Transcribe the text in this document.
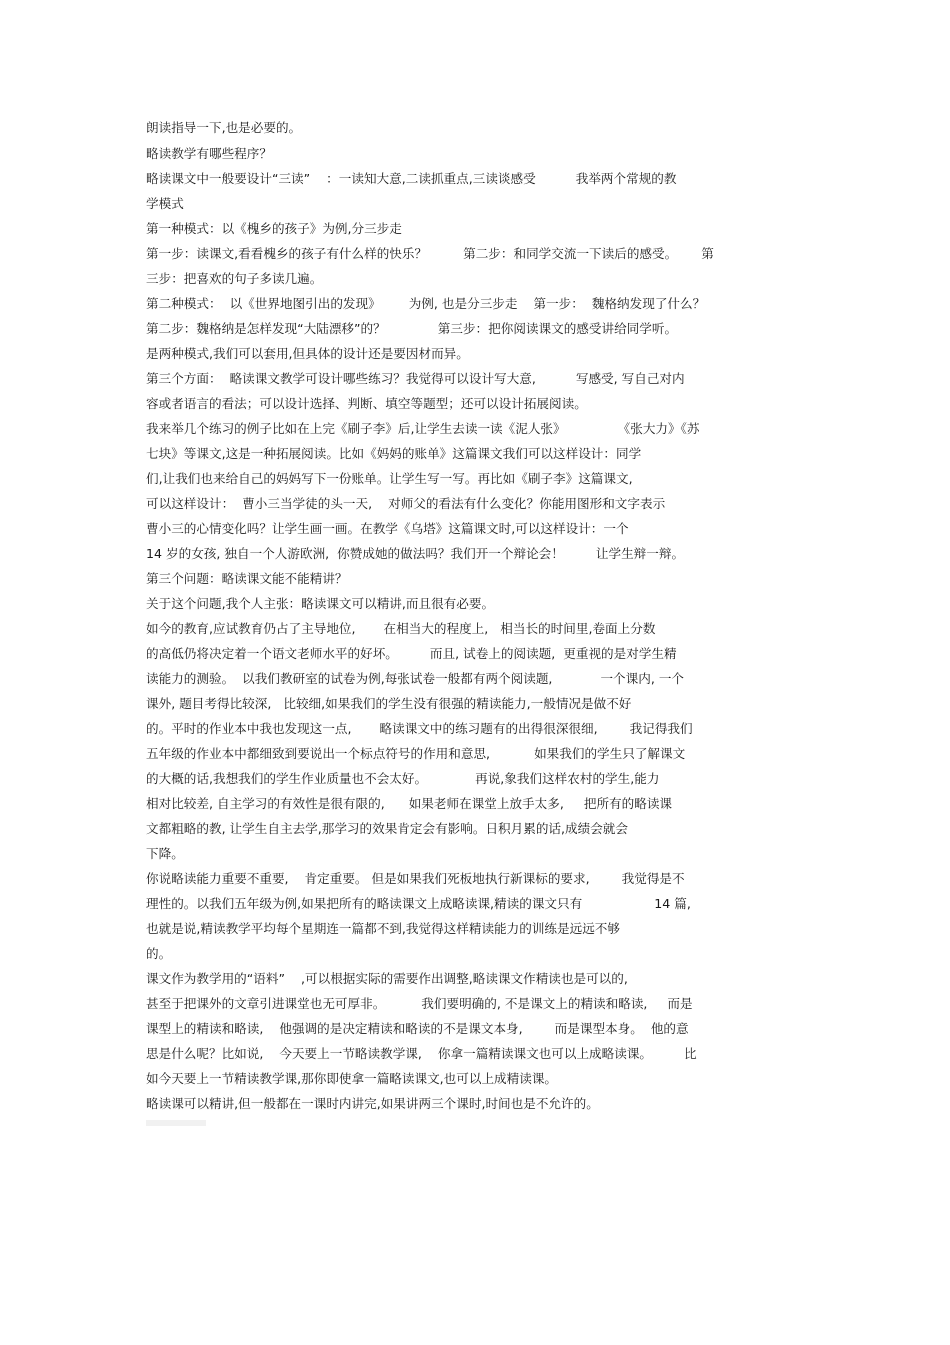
朗读指导一下,也是必要的。
略读教学有哪些程序？
略读课文中一般要设计“三读”    ：一读知大意,二读抓重点,三读谈感受          我举两个常规的教
学模式
第一种模式：以《槐乡的孩子》为例,分三步走
第一步：读课文,看看槐乡的孩子有什么样的快乐？         第二步：和同学交流一下读后的感受。      第
三步：把喜欢的句子多读几遍。
第二种模式：  以《世界地图引出的发现》       为例, 也是分三步走    第一步：  魏格纳发现了什么？
第二步：魏格纳是怎样发现“大陆漂移”的？             第三步：把你阅读课文的感受讲给同学听。
是两种模式,我们可以套用,但具体的设计还是要因材而异。
第三个方面：  略读课文教学可设计哪些练习？我觉得可以设计写大意,          写感受, 写自己对内
容或者语言的看法；可以设计选择、判断、填空等题型；还可以设计拓展阅读。
我来举几个练习的例子比如在上完《刷子李》后,让学生去读一读《泥人张》             《张大力》《苏
七块》等课文,这是一种拓展阅读。比如《妈妈的账单》这篇课文我们可以这样设计：同学
们,让我们也来给自己的妈妈写下一份账单。让学生写一写。再比如《刷子李》这篇课文,
可以这样设计：  曹小三当学徒的头一天,    对师父的看法有什么变化？你能用图形和文字表示
曹小三的心情变化吗？让学生画一画。在教学《乌塔》这篇课文时,可以这样设计：一个
14 岁的女孩, 独自一个人游欧洲,  你赞成她的做法吗？我们开一个辩论会！        让学生辩一辩。
第三个问题：略读课文能不能精讲？
关于这个问题,我个人主张：略读课文可以精讲,而且很有必要。
如今的教育,应试教育仍占了主导地位,       在相当大的程度上,   相当长的时间里,卷面上分数
的高低仍将决定着一个语文老师水平的好坏。        而且, 试卷上的阅读题,  更重视的是对学生精
读能力的测验。  以我们教研室的试卷为例,每张试卷一般都有两个阅读题,            一个课内, 一个
课外, 题目考得比较深,   比较细,如果我们的学生没有很强的精读能力,一般情况是做不好
的。平时的作业本中我也发现这一点,       略读课文中的练习题有的出得很深很细,        我记得我们
五年级的作业本中都细致到要说出一个标点符号的作用和意思,           如果我们的学生只了解课文
的大概的话,我想我们的学生作业质量也不会太好。            再说,象我们这样农村的学生,能力
相对比较差, 自主学习的有效性是很有限的,      如果老师在课堂上放手太多,     把所有的略读课
文都粗略的教, 让学生自主去学,那学习的效果肯定会有影响。日积月累的话,成绩会就会
下降。
你说略读能力重要不重要,    肯定重要。 但是如果我们死板地执行新课标的要求,        我觉得是不
理性的。以我们五年级为例,如果把所有的略读课文上成略读课,精读的课文只有                  14 篇,
也就是说,精读教学平均每个星期连一篇都不到,我觉得这样精读能力的训练是远远不够
的。
课文作为教学用的“语料”    ,可以根据实际的需要作出调整,略读课文作精读也是可以的,
甚至于把课外的文章引进课堂也无可厚非。         我们要明确的, 不是课文上的精读和略读,     而是
课型上的精读和略读,    他强调的是决定精读和略读的不是课文本身,        而是课型本身。  他的意
思是什么呢？比如说,    今天要上一节略读教学课,    你拿一篇精读课文也可以上成略读课。        比
如今天要上一节精读教学课,那你即使拿一篇略读课文,也可以上成精读课。
略读课可以精讲,但一般都在一课时内讲完,如果讲两三个课时,时间也是不允许的。
